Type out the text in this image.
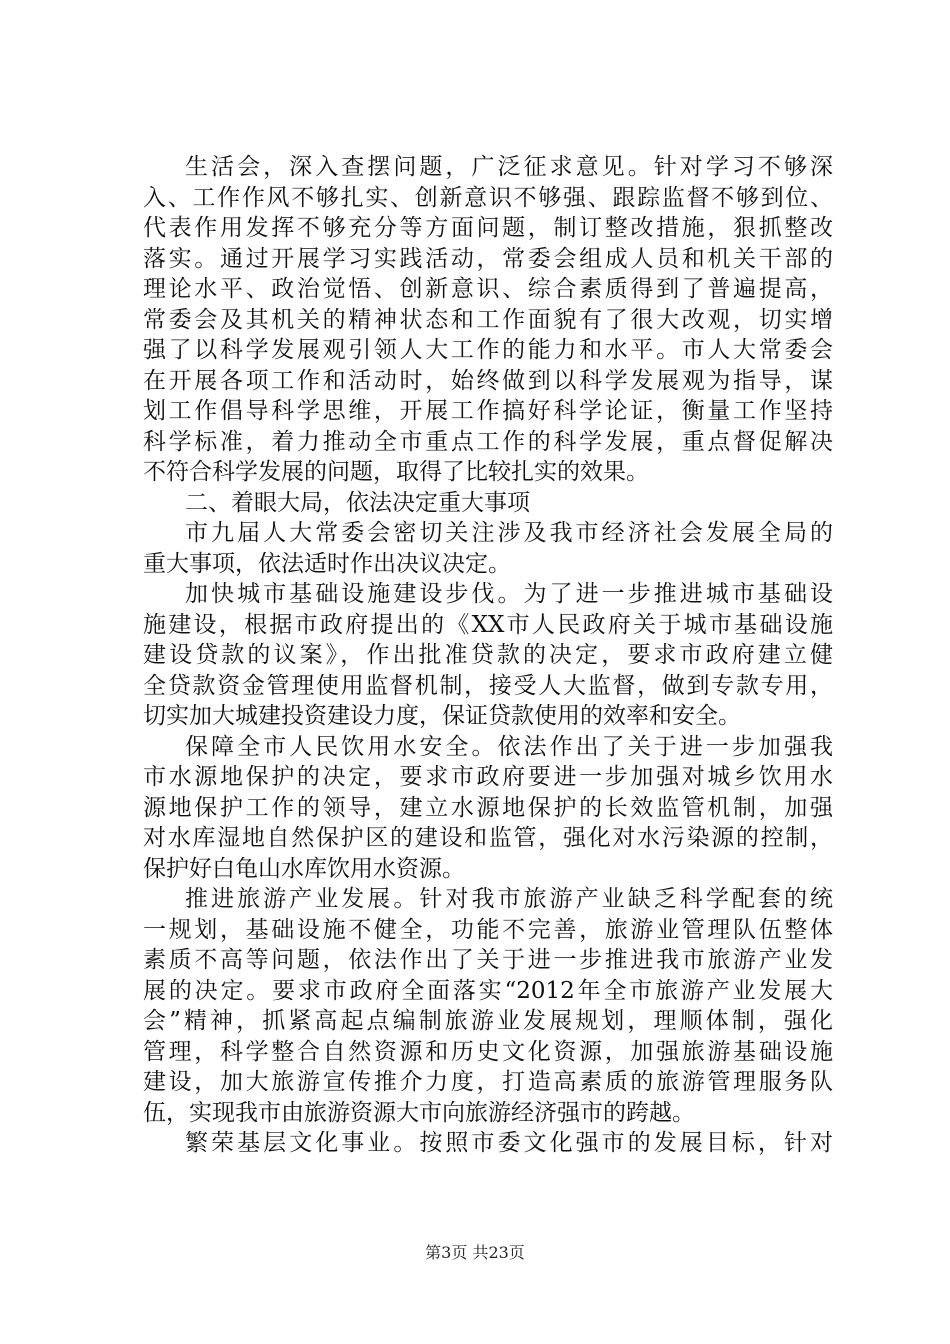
生活会，深入查摆问题，广泛征求意见。针对学习不够深
入、工作作风不够扎实、创新意识不够强、跟踪监督不够到位、
代表作用发挥不够充分等方面问题，制订整改措施，狠抓整改
落实。通过开展学习实践活动，常委会组成人员和机关干部的
理论水平、政治觉悟、创新意识、综合素质得到了普遍提高，
常委会及其机关的精神状态和工作面貌有了很大改观，切实增
强了以科学发展观引领人大工作的能力和水平。市人大常委会
在开展各项工作和活动时，始终做到以科学发展观为指导，谋
划工作倡导科学思维，开展工作搞好科学论证，衡量工作坚持
科学标准，着力推动全市重点工作的科学发展，重点督促解决
不符合科学发展的问题，取得了比较扎实的效果。
二、着眼大局，依法决定重大事项
市九届人大常委会密切关注涉及我市经济社会发展全局的
重大事项，依法适时作出决议决定。
加快城市基础设施建设步伐。为了进一步推进城市基础设
施建设，根据市政府提出的《XX市人民政府关于城市基础设施
建设贷款的议案》，作出批准贷款的决定，要求市政府建立健
全贷款资金管理使用监督机制，接受人大监督，做到专款专用，
切实加大城建投资建设力度，保证贷款使用的效率和安全。
保障全市人民饮用水安全。依法作出了关于进一步加强我
市水源地保护的决定，要求市政府要进一步加强对城乡饮用水
源地保护工作的领导，建立水源地保护的长效监管机制，加强
对水库湿地自然保护区的建设和监管，强化对水污染源的控制，
保护好白龟山水库饮用水资源。
推进旅游产业发展。针对我市旅游产业缺乏科学配套的统
一规划，基础设施不健全，功能不完善，旅游业管理队伍整体
素质不高等问题，依法作出了关于进一步推进我市旅游产业发
展的决定。要求市政府全面落实“2012年全市旅游产业发展大
会”精神，抓紧高起点编制旅游业发展规划，理顺体制，强化
管理，科学整合自然资源和历史文化资源，加强旅游基础设施
建设，加大旅游宣传推介力度，打造高素质的旅游管理服务队
伍，实现我市由旅游资源大市向旅游经济强市的跨越。
繁荣基层文化事业。按照市委文化强市的发展目标，针对
第3页 共23页
